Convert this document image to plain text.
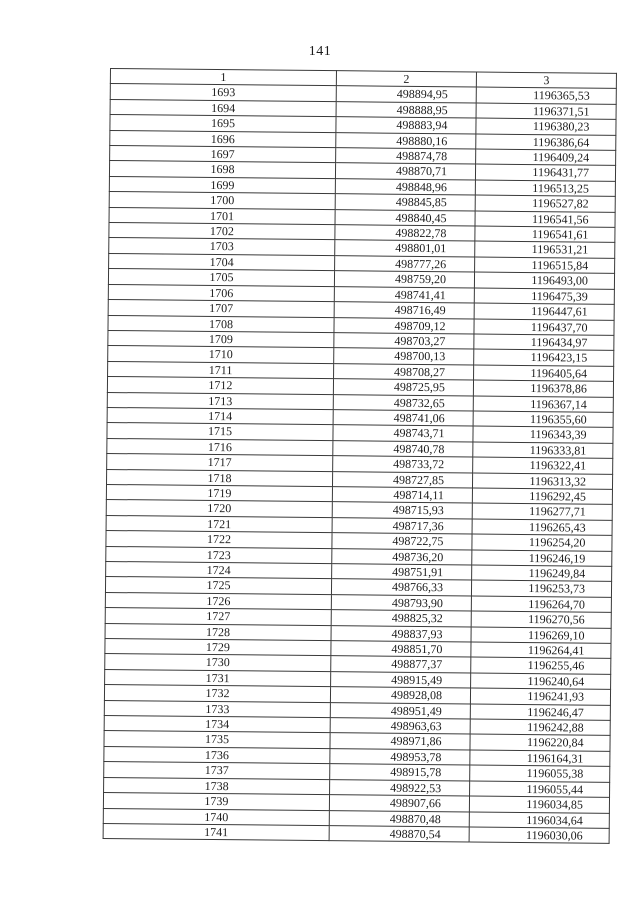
141
1	2	3
1693	498894,95	1196365,53
1694	498888,95	1196371,51
1695	498883,94	1196380,23
1696	498880,16	1196386,64
1697	498874,78	1196409,24
1698	498870,71	1196431,77
1699	498848,96	1196513,25
1700	498845,85	1196527,82
1701	498840,45	1196541,56
1702	498822,78	1196541,61
1703	498801,01	1196531,21
1704	498777,26	1196515,84
1705	498759,20	1196493,00
1706	498741,41	1196475,39
1707	498716,49	1196447,61
1708	498709,12	1196437,70
1709	498703,27	1196434,97
1710	498700,13	1196423,15
1711	498708,27	1196405,64
1712	498725,95	1196378,86
1713	498732,65	1196367,14
1714	498741,06	1196355,60
1715	498743,71	1196343,39
1716	498740,78	1196333,81
1717	498733,72	1196322,41
1718	498727,85	1196313,32
1719	498714,11	1196292,45
1720	498715,93	1196277,71
1721	498717,36	1196265,43
1722	498722,75	1196254,20
1723	498736,20	1196246,19
1724	498751,91	1196249,84
1725	498766,33	1196253,73
1726	498793,90	1196264,70
1727	498825,32	1196270,56
1728	498837,93	1196269,10
1729	498851,70	1196264,41
1730	498877,37	1196255,46
1731	498915,49	1196240,64
1732	498928,08	1196241,93
1733	498951,49	1196246,47
1734	498963,63	1196242,88
1735	498971,86	1196220,84
1736	498953,78	1196164,31
1737	498915,78	1196055,38
1738	498922,53	1196055,44
1739	498907,66	1196034,85
1740	498870,48	1196034,64
1741	498870,54	1196030,06
